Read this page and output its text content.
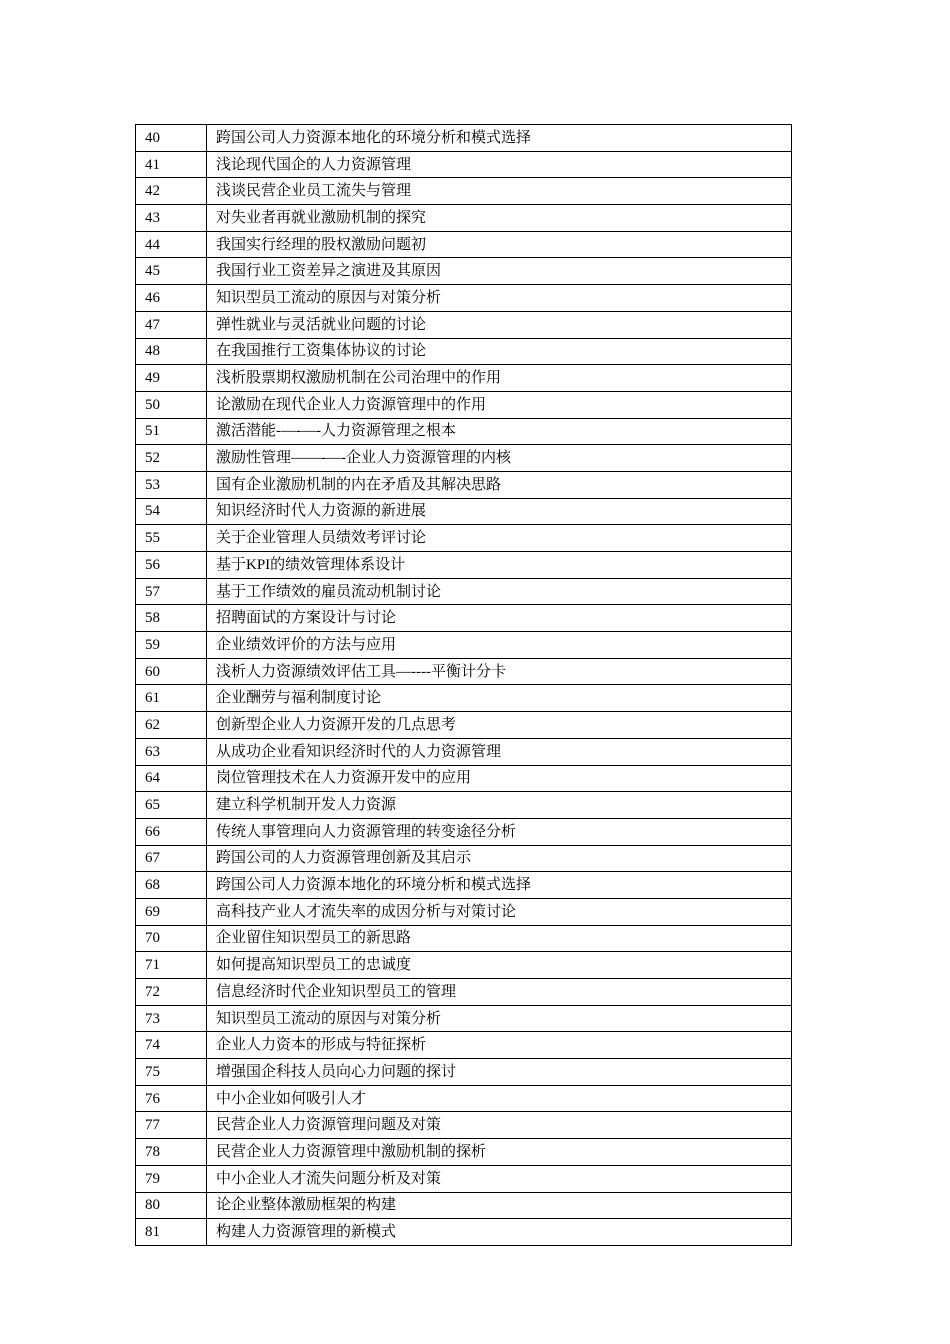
40	跨国公司人力资源本地化的环境分析和模式选择
41	浅论现代国企的人力资源管理
42	浅谈民营企业员工流失与管理
43	对失业者再就业激励机制的探究
44	我国实行经理的股权激励问题初
45	我国行业工资差异之演进及其原因
46	知识型员工流动的原因与对策分析
47	弹性就业与灵活就业问题的讨论
48	在我国推行工资集体协议的讨论
49	浅析股票期权激励机制在公司治理中的作用
50	论激励在现代企业人力资源管理中的作用
51	激活潜能-—-—-人力资源管理之根本
52	激励性管理——-—-企业人力资源管理的内核
53	国有企业激励机制的内在矛盾及其解决思路
54	知识经济时代人力资源的新进展
55	关于企业管理人员绩效考评讨论
56	基于KPI的绩效管理体系设计
57	基于工作绩效的雇员流动机制讨论
58	招聘面试的方案设计与讨论
59	企业绩效评价的方法与应用
60	浅析人力资源绩效评估工具—----平衡计分卡
61	企业酬劳与福利制度讨论
62	创新型企业人力资源开发的几点思考
63	从成功企业看知识经济时代的人力资源管理
64	岗位管理技术在人力资源开发中的应用
65	建立科学机制开发人力资源
66	传统人事管理向人力资源管理的转变途径分析
67	跨国公司的人力资源管理创新及其启示
68	跨国公司人力资源本地化的环境分析和模式选择
69	高科技产业人才流失率的成因分析与对策讨论
70	企业留住知识型员工的新思路
71	如何提高知识型员工的忠诚度
72	信息经济时代企业知识型员工的管理
73	知识型员工流动的原因与对策分析
74	企业人力资本的形成与特征探析
75	增强国企科技人员向心力问题的探讨
76	中小企业如何吸引人才
77	民营企业人力资源管理问题及对策
78	民营企业人力资源管理中激励机制的探析
79	中小企业人才流失问题分析及对策
80	论企业整体激励框架的构建
81	构建人力资源管理的新模式
